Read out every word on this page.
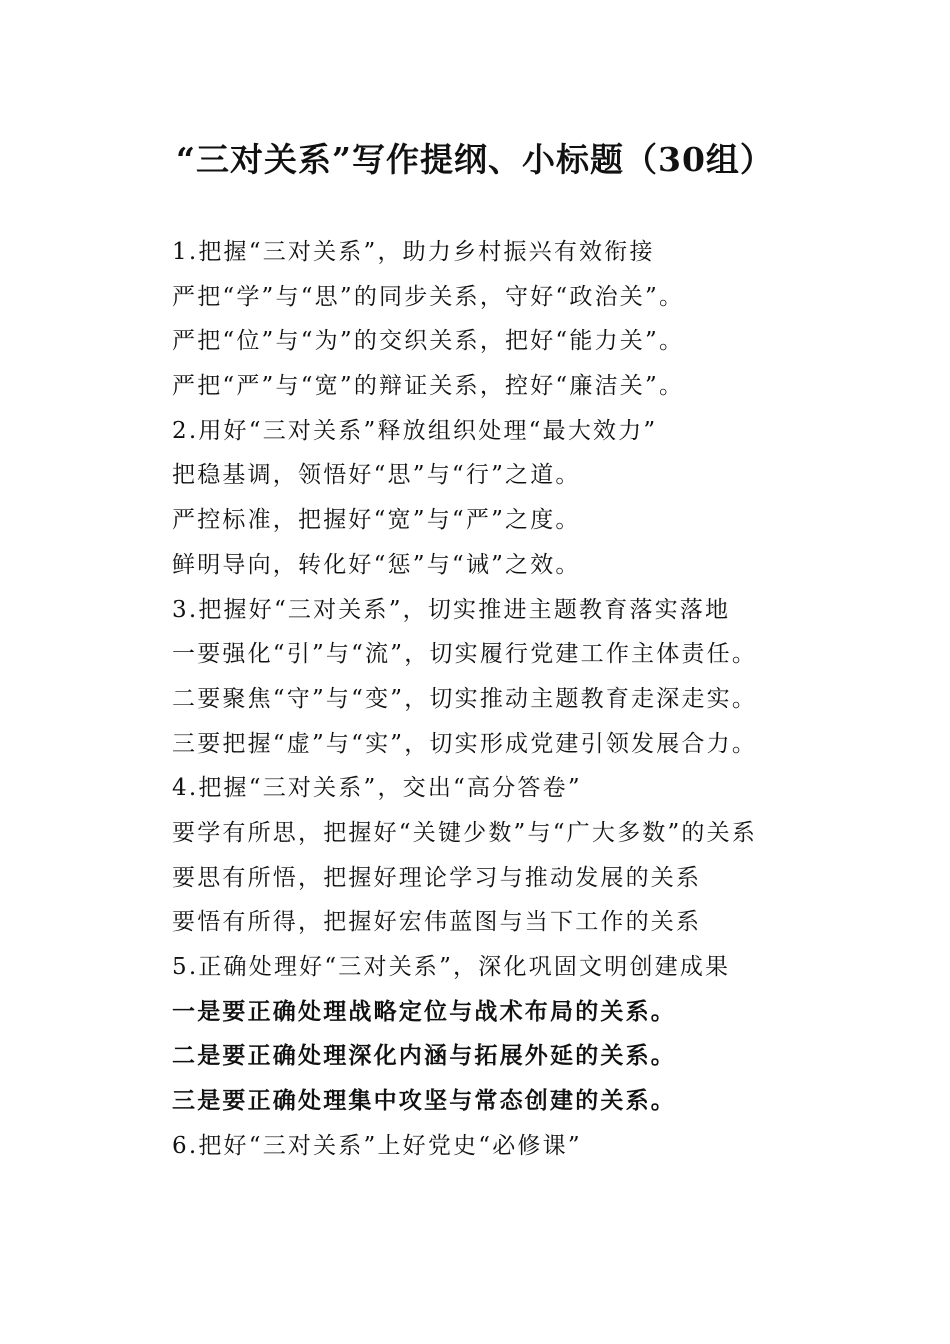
“三对关系”写作提纲、小标题（30组）

1.把握“三对关系”，助力乡村振兴有效衔接

严把“学”与“思”的同步关系，守好“政治关”。

严把“位”与“为”的交织关系，把好“能力关”。

严把“严”与“宽”的辩证关系，控好“廉洁关”。

2.用好“三对关系”释放组织处理“最大效力”

把稳基调，领悟好“思”与“行”之道。

严控标准，把握好“宽”与“严”之度。

鲜明导向，转化好“惩”与“诫”之效。

3.把握好“三对关系”，切实推进主题教育落实落地

一要强化“引”与“流”，切实履行党建工作主体责任。

二要聚焦“守”与“变”，切实推动主题教育走深走实。

三要把握“虚”与“实”，切实形成党建引领发展合力。

4.把握“三对关系”，交出“高分答卷”

要学有所思，把握好“关键少数”与“广大多数”的关系

要思有所悟，把握好理论学习与推动发展的关系

要悟有所得，把握好宏伟蓝图与当下工作的关系

5.正确处理好“三对关系”，深化巩固文明创建成果

一是要正确处理战略定位与战术布局的关系。

二是要正确处理深化内涵与拓展外延的关系。

三是要正确处理集中攻坚与常态创建的关系。

6.把好“三对关系”上好党史“必修课”
